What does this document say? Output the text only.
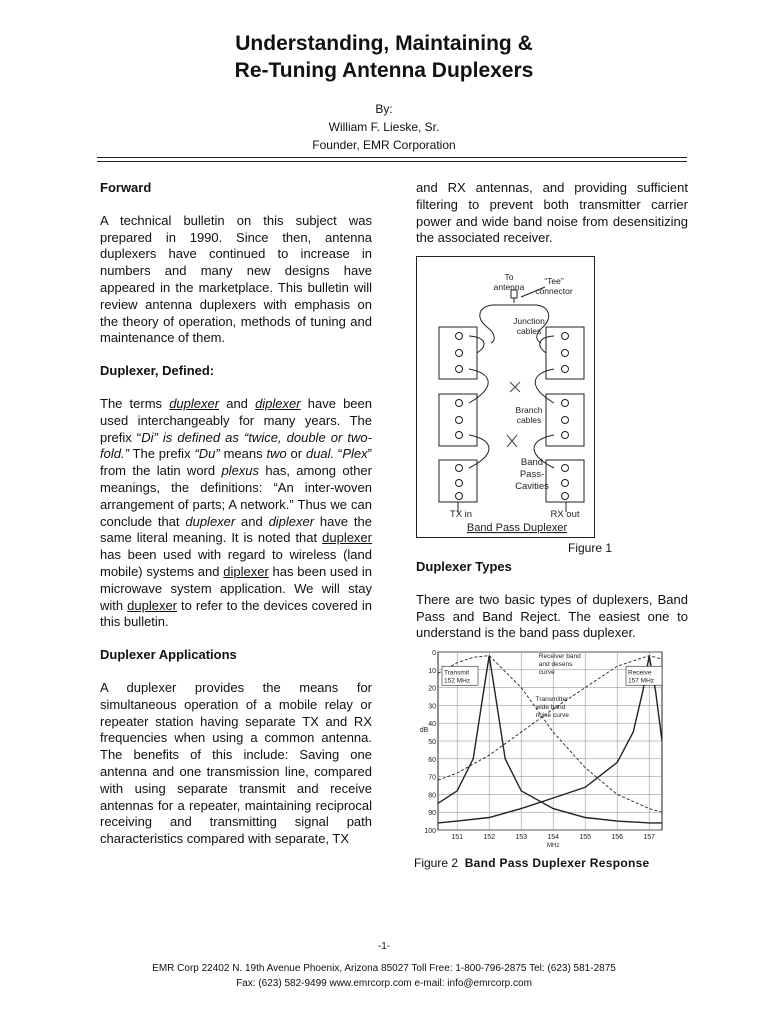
Understanding, Maintaining &
Re-Tuning Antenna Duplexers
By:
William F. Lieske, Sr.
Founder, EMR Corporation

Forward

A technical bulletin on this subject was prepared in 1990. Since then, antenna duplexers have continued to increase in numbers and many new designs have appeared in the marketplace. This bulletin will review antenna duplexers with emphasis on the theory of operation, methods of tuning and maintenance of them.

Duplexer, Defined:

The terms duplexer and diplexer have been used interchangeably for many years. The prefix “Di” is defined as “twice, double or two-fold.” The prefix “Du” means two or dual. “Plex” from the latin word plexus has, among other meanings, the definitions: “An inter-woven arrangement of parts; A network.” Thus we can conclude that duplexer and diplexer have the same literal meaning. It is noted that duplexer has been used with regard to wireless (land mobile) systems and diplexer has been used in microwave system application. We will stay with duplexer to refer to the devices covered in this bulletin.

Duplexer Applications

A duplexer provides the means for simultaneous operation of a mobile relay or repeater station having separate TX and RX frequencies when using a common antenna. The benefits of this include: Saving one antenna and one transmission line, compared with using separate transmit and receive antennas for a repeater, maintaining reciprocal receiving and transmitting signal path characteristics compared with separate, TX

and RX antennas, and providing sufficient filtering to prevent both transmitter carrier power and wide band noise from desensitizing the associated receiver.

To
antenna
“Tee”
connector
Junction
cables
Branch
cables
Band
Pass-
Cavities
TX in	RX out
Band Pass Duplexer
Figure 1

Duplexer Types

There are two basic types of duplexers, Band Pass and Band Reject. The easiest one to understand is the band pass duplexer.

0
10
20
30
40
50
60
70
80
90
100
151	152	153	154	155	156	157
dB
MHz
Transmit
152 MHz
Receive
157 MHz
Receiver band
and desens
curve
Transmitter
wide band
noise curve
Figure 2 Band Pass Duplexer Response
-1-
EMR Corp 22402 N. 19th Avenue Phoenix, Arizona 85027 Toll Free: 1-800-796-2875 Tel: (623) 581-2875
Fax: (623) 582-9499 www.emrcorp.com e-mail: info@emrcorp.com
